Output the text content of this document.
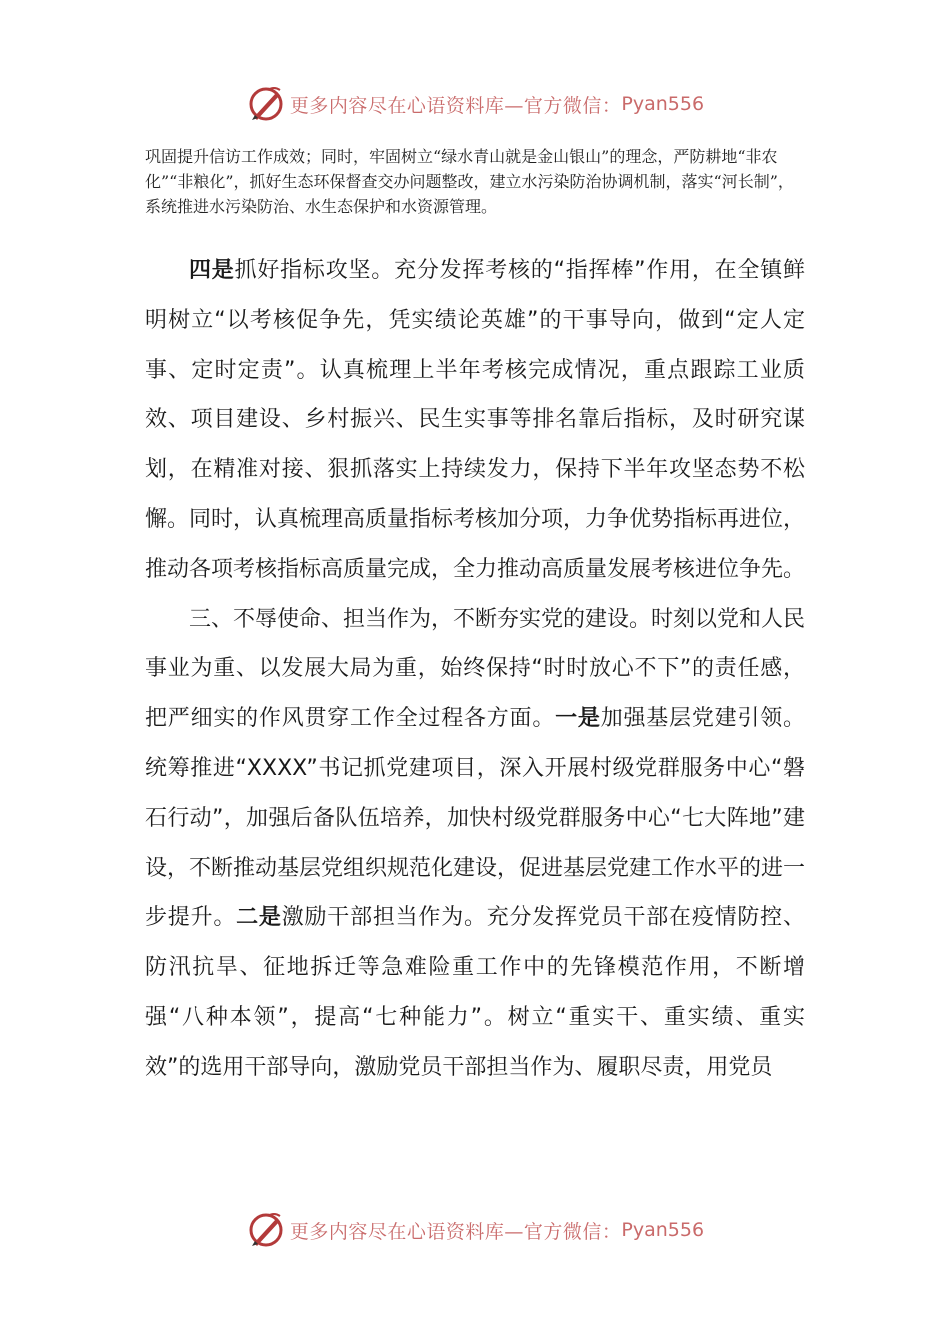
更多内容尽在心语资料库—官方微信： Pyan556

巩固提升信访工作成效；同时，牢固树立“绿水青山就是金山银山”的理念，严防耕地“非农化”“非粮化”，抓好生态环保督查交办问题整改，建立水污染防治协调机制，落实“河长制”，系统推进水污染防治、水生态保护和水资源管理。

四是抓好指标攻坚。充分发挥考核的“指挥棒”作用，在全镇鲜明树立“以考核促争先，凭实绩论英雄”的干事导向，做到“定人定事、定时定责”。认真梳理上半年考核完成情况，重点跟踪工业质效、项目建设、乡村振兴、民生实事等排名靠后指标，及时研究谋划，在精准对接、狠抓落实上持续发力，保持下半年攻坚态势不松懈。同时，认真梳理高质量指标考核加分项，力争优势指标再进位，推动各项考核指标高质量完成，全力推动高质量发展考核进位争先。

三、不辱使命、担当作为，不断夯实党的建设。时刻以党和人民事业为重、以发展大局为重，始终保持“时时放心不下”的责任感，把严细实的作风贯穿工作全过程各方面。一是加强基层党建引领。统筹推进“XXXX”书记抓党建项目，深入开展村级党群服务中心“磐石行动”，加强后备队伍培养，加快村级党群服务中心“七大阵地”建设，不断推动基层党组织规范化建设，促进基层党建工作水平的进一步提升。二是激励干部担当作为。充分发挥党员干部在疫情防控、防汛抗旱、征地拆迁等急难险重工作中的先锋模范作用，不断增强“八种本领”，提高“七种能力”。树立“重实干、重实绩、重实效”的选用干部导向，激励党员干部担当作为、履职尽责，用党员

更多内容尽在心语资料库—官方微信： Pyan556
